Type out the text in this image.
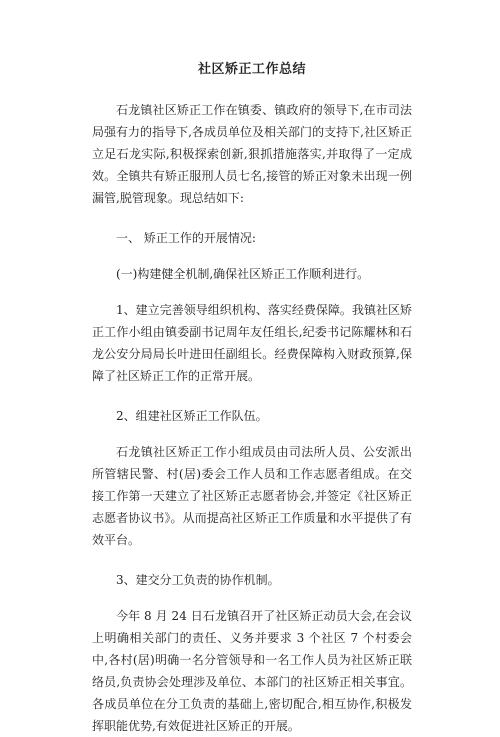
社区矫正工作总结

石龙镇社区矫正工作在镇委、镇政府的领导下,在市司法局强有力的指导下,各成员单位及相关部门的支持下,社区矫正立足石龙实际,积极探索创新,狠抓措施落实,并取得了一定成效。全镇共有矫正服刑人员七名,接管的矫正对象未出现一例漏管,脱管现象。现总结如下:

一、 矫正工作的开展情况:

(一)构建健全机制,确保社区矫正工作顺利进行。

1、建立完善领导组织机构、落实经费保障。我镇社区矫正工作小组由镇委副书记周年友任组长,纪委书记陈耀林和石龙公安分局局长叶进田任副组长。经费保障构入财政预算,保障了社区矫正工作的正常开展。

2、组建社区矫正工作队伍。

石龙镇社区矫正工作小组成员由司法所人员、公安派出所管辖民警、村(居)委会工作人员和工作志愿者组成。在交接工作第一天建立了社区矫正志愿者协会,并签定《社区矫正志愿者协议书》。从而提高社区矫正工作质量和水平提供了有效平台。

3、建交分工负责的协作机制。

今年 8 月 24 日石龙镇召开了社区矫正动员大会,在会议上明确相关部门的责任、义务并要求 3 个社区 7 个村委会中,各村(居)明确一名分管领导和一名工作人员为社区矫正联络员,负责协会处理涉及单位、本部门的社区矫正相关事宜。各成员单位在分工负责的基础上,密切配合,相互协作,积极发挥职能优势,有效促进社区矫正的开展。
